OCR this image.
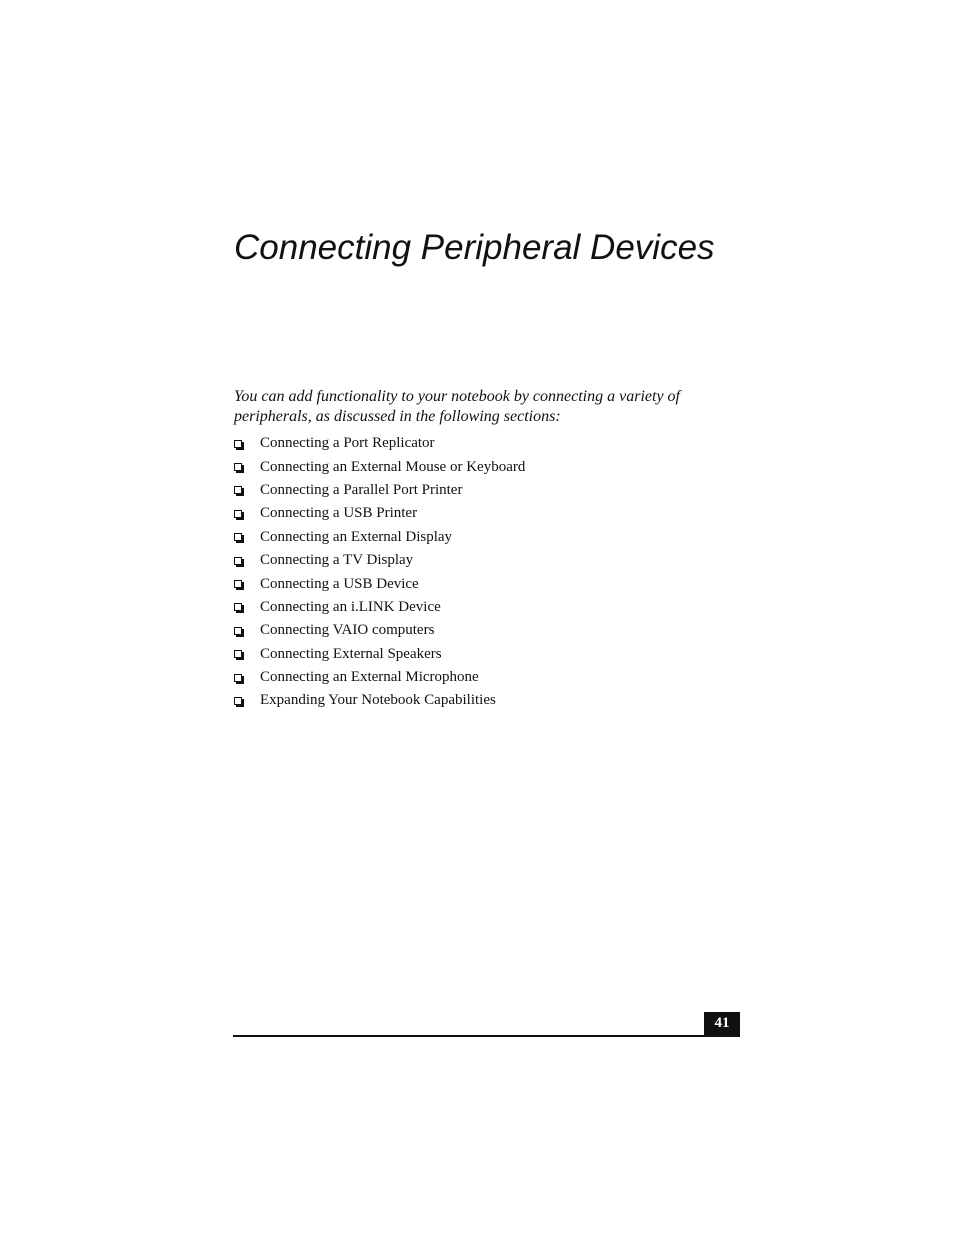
Connecting Peripheral Devices

You can add functionality to your notebook by connecting a variety of peripherals, as discussed in the following sections:

Connecting a Port Replicator
Connecting an External Mouse or Keyboard
Connecting a Parallel Port Printer
Connecting a USB Printer
Connecting an External Display
Connecting a TV Display
Connecting a USB Device
Connecting an i.LINK Device
Connecting VAIO computers
Connecting External Speakers
Connecting an External Microphone
Expanding Your Notebook Capabilities
41
